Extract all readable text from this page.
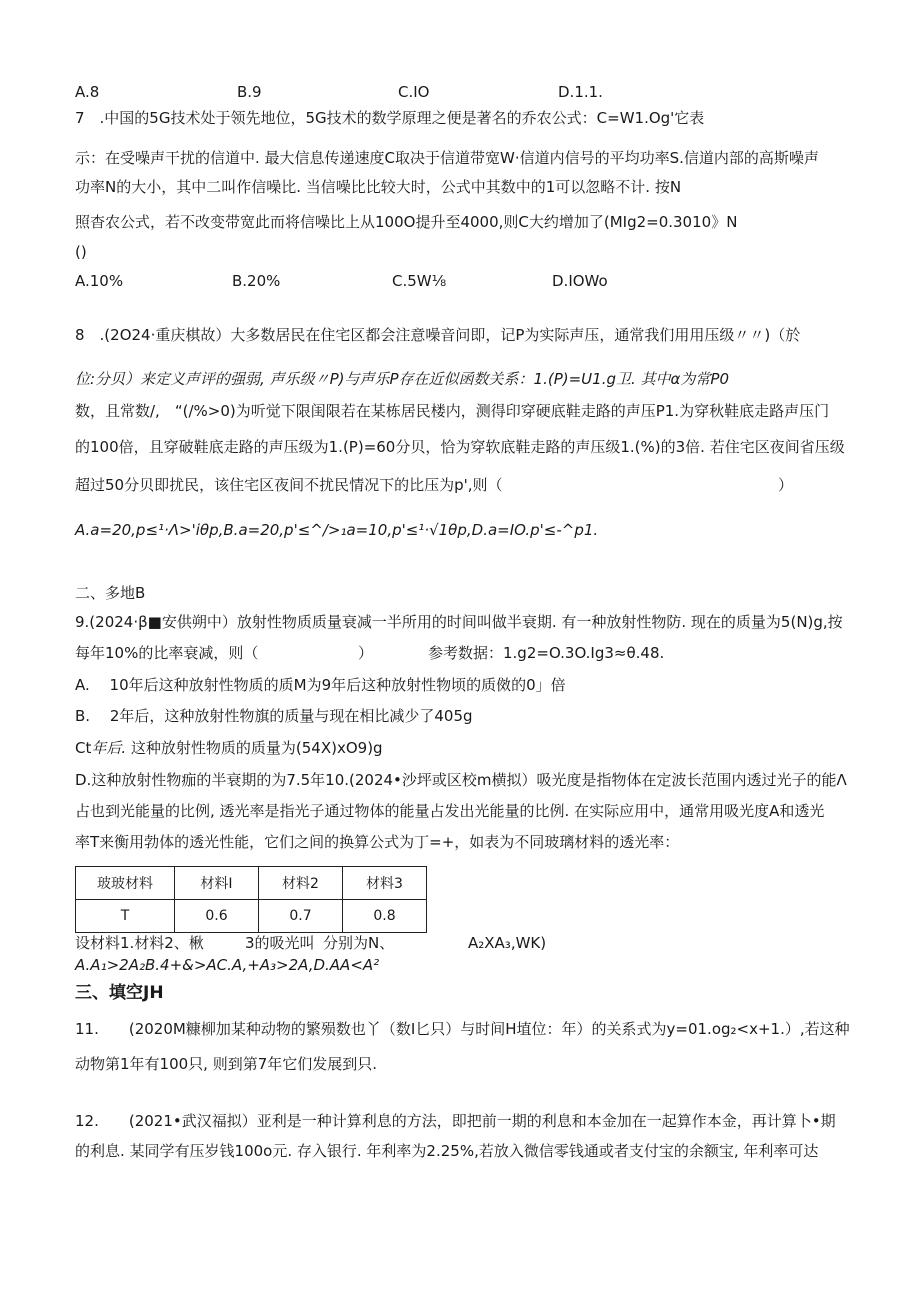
A.8	B.9	C.IO	D.1.1.
7　.中国的5G技术处于领先地位，5G技术的数学原理之便是著名的乔农公式：C=W1.Og'它表
示：在受噪声干扰的信道中. 最大信息传递速度C取决于信道带宽W·信道内信号的平均功率S.信道内部的高斯噪声
功率N的大小，其中二叫作信噪比. 当信噪比比较大时，公式中其数中的1可以忽略不计. 按N
照杳农公式，若不改变带宽此而将信噪比上从100O提升至4000,则C大约增加了(MIg2=0.3010》N
()
A.10%	B.20%	C.5W⅛	D.IOWo
8　.(2O24·重庆棋故）大多数居民在住宅区都会注意噪音问即，记P为实际声压，通常我们用用压级〃〃)（於
位:分贝）来定义声评的强弱, 声乐级〃P)与声乐P存在近似函数关系：1.(P)=U1.g卫. 其中α为常P0
数，且常数/,　“(/%>0)为听觉下限闺限若在某栋居民楼内，测得印穿硬底鞋走路的声压P1.为穿秋鞋底走路声压门
的100倍，且穿破鞋底走路的声压级为1.(P)=60分贝，恰为穿软底鞋走路的声压级1.(%)的3倍. 若住宅区夜间省压级
超过50分贝即扰民，该住宅区夜间不扰民情况下的比压为p',则（	）
A.a=20,p≤¹·Λ>'iθp,B.a=20,p'≤^/>₁a=10,p'≤¹·√1θp,D.a=IO.p'≤-^p1.
二、多地B
9.(2024·β■安供朔中）放射性物质质量衰减一半所用的时间叫做半衰期. 有一种放射性物防. 现在的质量为5(N)g,按
每年10%的比率衰减，则（	）	参考数据：1.g2=O.3O.Ig3≈θ.48.
A.　 10年后这种放射性物质的质M为9年后这种放射性物顷的质傚的0」倍
B.　 2年后，这种放射性物旗的质量与现在相比减少了405g
Ct年后. 这种放射性物质的质量为(54X)xO9)g
D.这种放射性物痂的半衰期的为7.5年10.(2024•沙坪或区校m横拟）吸光度是指物体在定波长范围内透过光子的能Λ
占也到光能量的比例, 透光率是指光子通过物体的能量占发出光能量的比例. 在实际应用中，通常用吸光度A和透光
率T来衡用勃体的透光性能，它们之间的换算公式为丁=+，如表为不同玻璃材料的透光率：
玻玻材料	材料I	材料2	材料3
T	0.6	0.7	0.8
设材料1.材料2、楸	3的吸光叫 分别为N、	A₂XA₃,WK)
A.A₁>2A₂B.4+&>AC.A,+A₃>2A,D.AA<A²
三、填空JH
11.　　(2020M糠柳加某种动物的繁殒数也丫（数I匕只）与时间H埴位：年）的关系式为y=01.og₂<x+1.）,若这种
动物第1年有100只, 则到第7年它们发展到只.
12.　　(2021•武汉福拟）亚利是一种计算利息的方法，即把前一期的利息和本金加在一起算作本金，再计算卜•期
的利息. 某同学有压岁钱100o元. 存入银行. 年利率为2.25%,若放入微信零钱通或者支付宝的余额宝, 年利率可达
